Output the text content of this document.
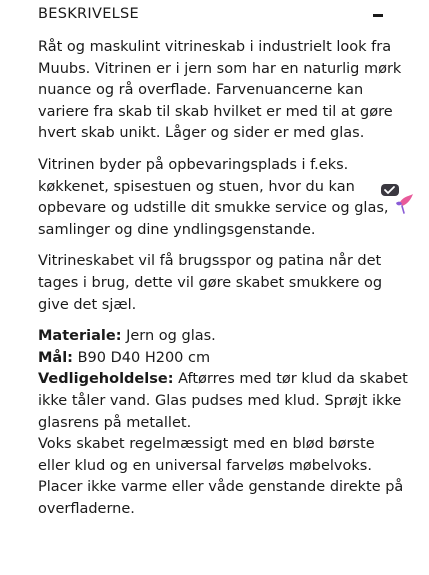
BESKRIVELSE

Råt og maskulint vitrineskab i industrielt look fra Muubs. Vitrinen er i jern som har en naturlig mørk nuance og rå overflade. Farvenuancerne kan variere fra skab til skab hvilket er med til at gøre hvert skab unikt. Låger og sider er med glas.

Vitrinen byder på opbevaringsplads i f.eks. køkkenet, spisestuen og stuen, hvor du kan opbevare og udstille dit smukke service og glas, samlinger og dine yndlingsgenstande.

Vitrineskabet vil få brugsspor og patina når det tages i brug, dette vil gøre skabet smukkere og give det sjæl.

Materiale: Jern og glas.
Mål: B90 D40 H200 cm
Vedligeholdelse: Aftørres med tør klud da skabet ikke tåler vand. Glas pudses med klud. Sprøjt ikke glasrens på metallet.
Voks skabet regelmæssigt med en blød børste eller klud og en universal farveløs møbelvoks.
Placer ikke varme eller våde genstande direkte på overfladerne.
